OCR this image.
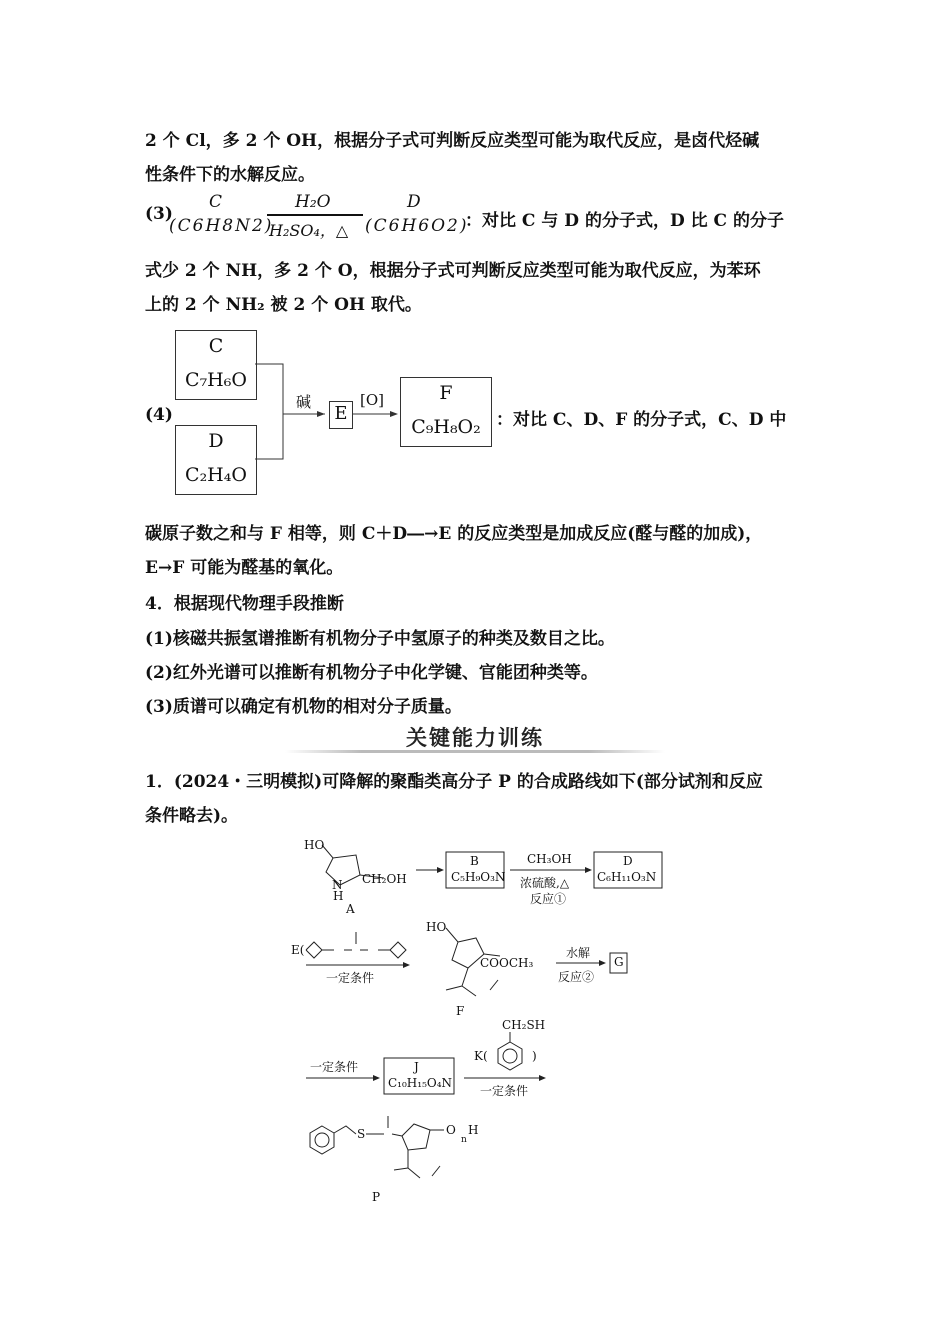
2 个 Cl，多 2 个 OH，根据分子式可判断反应类型可能为取代反应，是卤代烃碱
性条件下的水解反应。
(3)
C
(C6H8N2)
H₂O
H₂SO₄，△
D
(C6H6O2)
：对比 C 与 D 的分子式，D 比 C 的分子
式少 2 个 NH，多 2 个 O，根据分子式可判断反应类型可能为取代反应，为苯环
上的 2 个 NH₂ 被 2 个 OH 取代。
(4)
C
C₇H₆O
D
C₂H₄O
碱
E
[O]	F
C₉H₈O₂ ：对比 C、D、F 的分子式，C、D 中
碳原子数之和与 F 相等，则 C＋D―→E 的反应类型是加成反应(醛与醛的加成)，
E→F 可能为醛基的氧化。
4．根据现代物理手段推断
(1)核磁共振氢谱推断有机物分子中氢原子的种类及数目之比。
(2)红外光谱可以推断有机物分子中化学键、官能团种类等。
(3)质谱可以确定有机物的相对分子质量。
关键能力训练
1．(2024・三明模拟)可降解的聚酯类高分子 P 的合成路线如下(部分试剂和反应
条件略去)。
HO
CH₂OH
N
H
A
B
C₅H₉O₃N
CH₃OH
浓硫酸,△
反应①
D
C₆H₁₁O₃N
E(
一定条件
HO
COOCH₃
F
水解
反应②
G
一定条件	J
C₁₀H₁₅O₄N
K(
CH₂SH
)
一定条件
S	O
n
H
P
